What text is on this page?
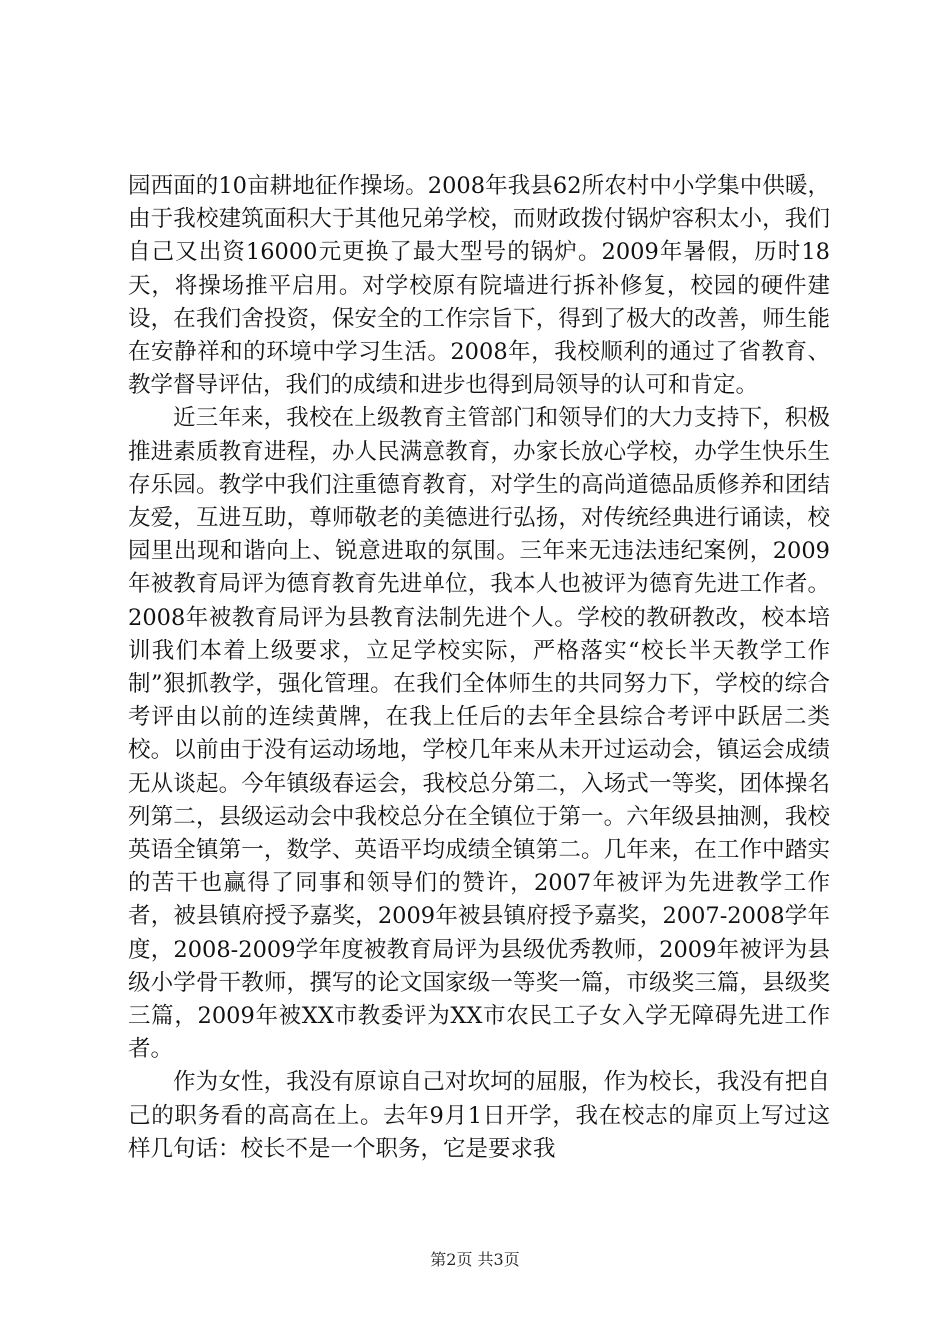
园西面的10亩耕地征作操场。2008年我县62所农村中小学集中供暖，由于我校建筑面积大于其他兄弟学校，而财政拨付锅炉容积太小，我们自己又出资16000元更换了最大型号的锅炉。2009年暑假，历时18天，将操场推平启用。对学校原有院墙进行拆补修复，校园的硬件建设，在我们舍投资，保安全的工作宗旨下，得到了极大的改善，师生能在安静祥和的环境中学习生活。2008年，我校顺利的通过了省教育、教学督导评估，我们的成绩和进步也得到局领导的认可和肯定。

近三年来，我校在上级教育主管部门和领导们的大力支持下，积极推进素质教育进程，办人民满意教育，办家长放心学校，办学生快乐生存乐园。教学中我们注重德育教育，对学生的高尚道德品质修养和团结友爱，互进互助，尊师敬老的美德进行弘扬，对传统经典进行诵读，校园里出现和谐向上、锐意进取的氛围。三年来无违法违纪案例，2009年被教育局评为德育教育先进单位，我本人也被评为德育先进工作者。2008年被教育局评为县教育法制先进个人。学校的教研教改，校本培训我们本着上级要求，立足学校实际，严格落实“校长半天教学工作制”狠抓教学，强化管理。在我们全体师生的共同努力下，学校的综合考评由以前的连续黄牌，在我上任后的去年全县综合考评中跃居二类校。以前由于没有运动场地，学校几年来从未开过运动会，镇运会成绩无从谈起。今年镇级春运会，我校总分第二，入场式一等奖，团体操名列第二，县级运动会中我校总分在全镇位于第一。六年级县抽测，我校英语全镇第一，数学、英语平均成绩全镇第二。几年来，在工作中踏实的苦干也赢得了同事和领导们的赞许，2007年被评为先进教学工作者，被县镇府授予嘉奖，2009年被县镇府授予嘉奖，2007-2008学年度，2008-2009学年度被教育局评为县级优秀教师，2009年被评为县级小学骨干教师，撰写的论文国家级一等奖一篇，市级奖三篇，县级奖三篇，2009年被XX市教委评为XX市农民工子女入学无障碍先进工作者。

作为女性，我没有原谅自己对坎坷的屈服，作为校长，我没有把自己的职务看的高高在上。去年9月1日开学，我在校志的扉页上写过这样几句话：校长不是一个职务，它是要求我

第2页 共3页
